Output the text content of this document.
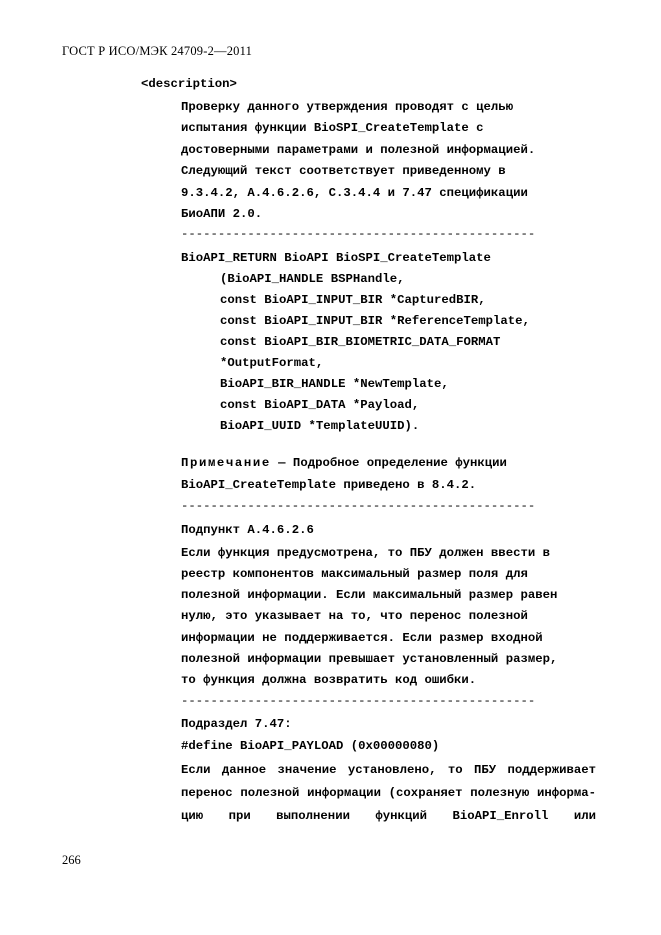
ГОСТ Р ИСО/МЭК 24709-2—2011
<description>
Проверку данного утверждения проводят с целью
испытания функции BioSPI_CreateTemplate с
достоверными параметрами и полезной информацией.
Следующий текст соответствует приведенному в
9.3.4.2, A.4.6.2.6, C.3.4.4 и 7.47 спецификации
БиоАПИ 2.0.
------------------------------------------------
BioAPI_RETURN BioAPI BioSPI_CreateTemplate
(BioAPI_HANDLE BSPHandle,
const BioAPI_INPUT_BIR *CapturedBIR,
const BioAPI_INPUT_BIR *ReferenceTemplate,
const BioAPI_BIR_BIOMETRIC_DATA_FORMAT
*OutputFormat,
BioAPI_BIR_HANDLE *NewTemplate,
const BioAPI_DATA *Payload,
BioAPI_UUID *TemplateUUID).
Примечание — Подробное определение функции
BioAPI_CreateTemplate приведено в 8.4.2.
------------------------------------------------
Подпункт A.4.6.2.6
Если функция предусмотрена, то ПБУ должен ввести в
реестр компонентов максимальный размер поля для
полезной информации. Если максимальный размер равен
нулю, это указывает на то, что перенос полезной
информации не поддерживается. Если размер входной
полезной информации превышает установленный размер,
то функция должна возвратить код ошибки.
------------------------------------------------
Подраздел 7.47:
#define BioAPI_PAYLOAD (0x00000080)
Если данное значение установлено, то ПБУ поддерживает
перенос полезной информации (сохраняет полезную информа-
цию при выполнении функций BioAPI_Enroll или
266
